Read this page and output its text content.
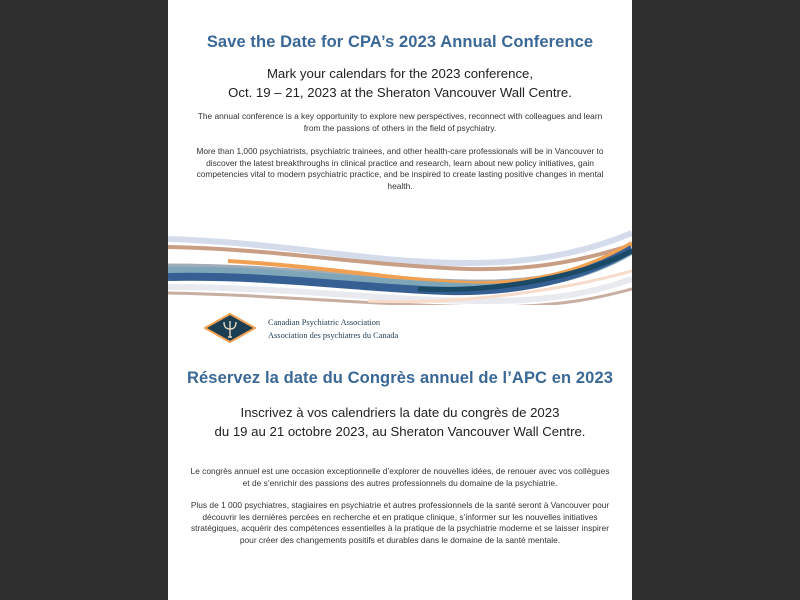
Save the Date for CPA’s 2023 Annual Conference
Mark your calendars for the 2023 conference,
Oct. 19 – 21, 2023 at the Sheraton Vancouver Wall Centre.
The annual conference is a key opportunity to explore new perspectives, reconnect with colleagues and learn from the passions of others in the field of psychiatry.
More than 1,000 psychiatrists, psychiatric trainees, and other health-care professionals will be in Vancouver to discover the latest breakthroughs in clinical practice and research, learn about new policy initiatives, gain competencies vital to modern psychiatric practice, and be inspired to create lasting positive changes in mental health.
Canadian Psychiatric Association
Association des psychiatres du Canada
Réservez la date du Congrès annuel de l’APC en 2023
Inscrivez à vos calendriers la date du congrès de 2023
du 19 au 21 octobre 2023, au Sheraton Vancouver Wall Centre.
Le congrès annuel est une occasion exceptionnelle d’explorer de nouvelles idées, de renouer avec vos collègues et de s’enrichir des passions des autres professionnels du domaine de la psychiatrie.
Plus de 1 000 psychiatres, stagiaires en psychiatrie et autres professionnels de la santé seront à Vancouver pour découvrir les dernières percées en recherche et en pratique clinique, s’informer sur les nouvelles initiatives stratégiques, acquérir des compétences essentielles à la pratique de la psychiatrie moderne et se laisser inspirer pour créer des changements positifs et durables dans le domaine de la santé mentale.
